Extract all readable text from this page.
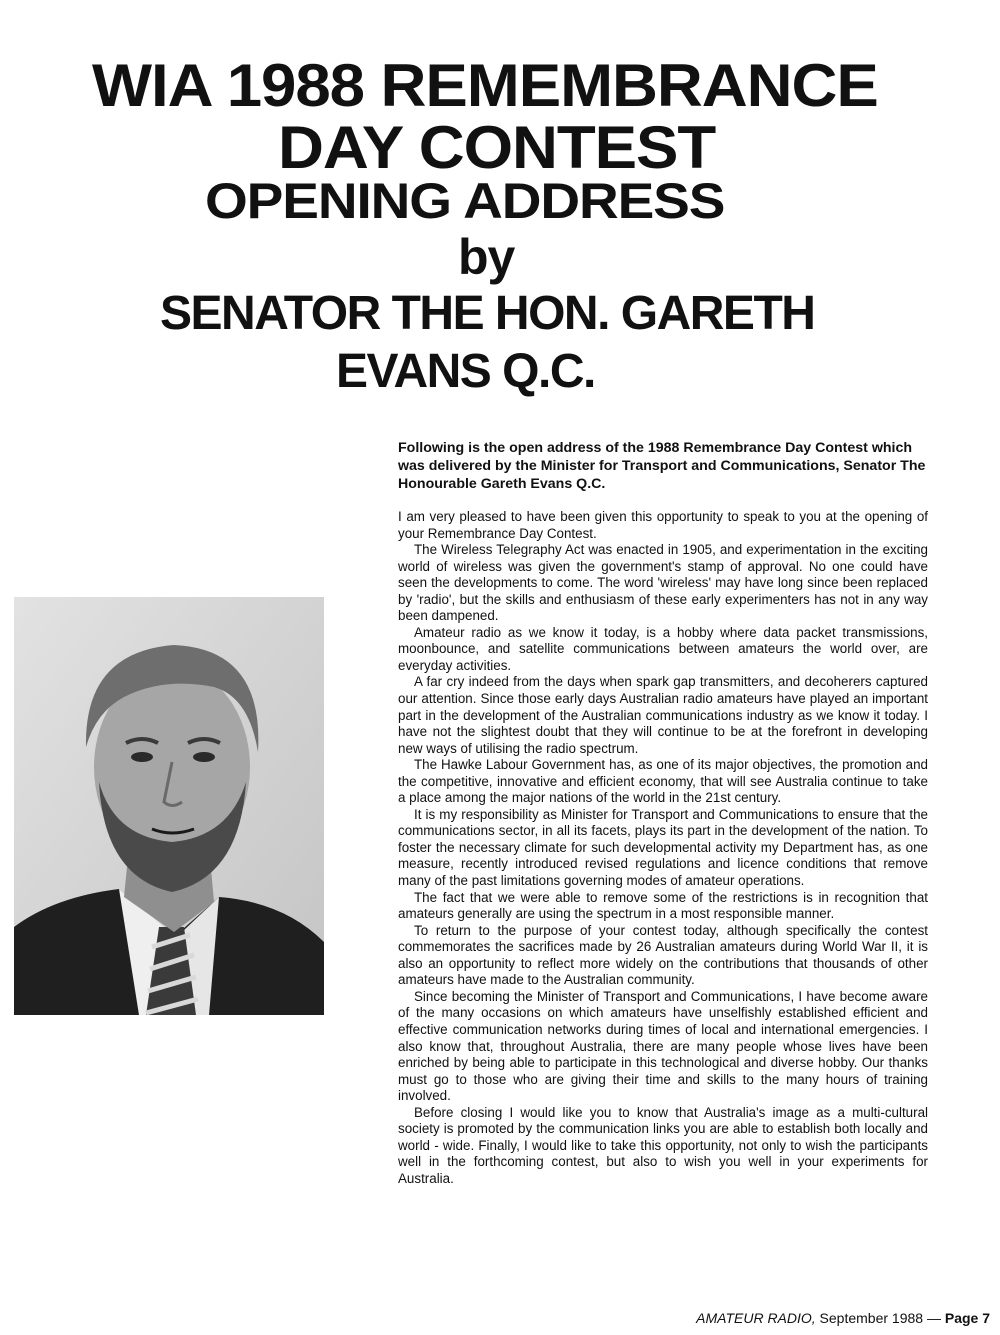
WIA 1988 REMEMBRANCE
DAY CONTEST
OPENING ADDRESS
by
SENATOR THE HON. GARETH
EVANS Q.C.
Following is the open address of the 1988 Remembrance Day Contest which was delivered by the Minister for Transport and Communications, Senator The Honourable Gareth Evans Q.C.

I am very pleased to have been given this opportunity to speak to you at the opening of your Remembrance Day Contest.

The Wireless Telegraphy Act was enacted in 1905, and experimentation in the exciting world of wireless was given the government's stamp of approval. No one could have seen the developments to come. The word 'wireless' may have long since been replaced by 'radio', but the skills and enthusiasm of these early experimenters has not in any way been dampened.

Amateur radio as we know it today, is a hobby where data packet transmissions, moonbounce, and satellite communications between amateurs the world over, are everyday activities.

A far cry indeed from the days when spark gap transmitters, and decoherers captured our attention. Since those early days Australian radio amateurs have played an important part in the development of the Australian communications industry as we know it today. I have not the slightest doubt that they will continue to be at the forefront in developing new ways of utilising the radio spectrum.

The Hawke Labour Government has, as one of its major objectives, the promotion and the competitive, innovative and efficient economy, that will see Australia continue to take a place among the major nations of the world in the 21st century.

It is my responsibility as Minister for Transport and Communications to ensure that the communications sector, in all its facets, plays its part in the development of the nation. To foster the necessary climate for such developmental activity my Department has, as one measure, recently introduced revised regulations and licence conditions that remove many of the past limitations governing modes of amateur operations.

The fact that we were able to remove some of the restrictions is in recognition that amateurs generally are using the spectrum in a most responsible manner.

To return to the purpose of your contest today, although specifically the contest commemorates the sacrifices made by 26 Australian amateurs during World War II, it is also an opportunity to reflect more widely on the contributions that thousands of other amateurs have made to the Australian community.

Since becoming the Minister of Transport and Communications, I have become aware of the many occasions on which amateurs have unselfishly established efficient and effective communication networks during times of local and international emergencies. I also know that, throughout Australia, there are many people whose lives have been enriched by being able to participate in this technological and diverse hobby. Our thanks must go to those who are giving their time and skills to the many hours of training involved.

Before closing I would like you to know that Australia's image as a multi-cultural society is promoted by the communication links you are able to establish both locally and world - wide. Finally, I would like to take this opportunity, not only to wish the participants well in the forthcoming contest, but also to wish you well in your experiments for Australia.

AMATEUR RADIO, September 1988 — Page 7
